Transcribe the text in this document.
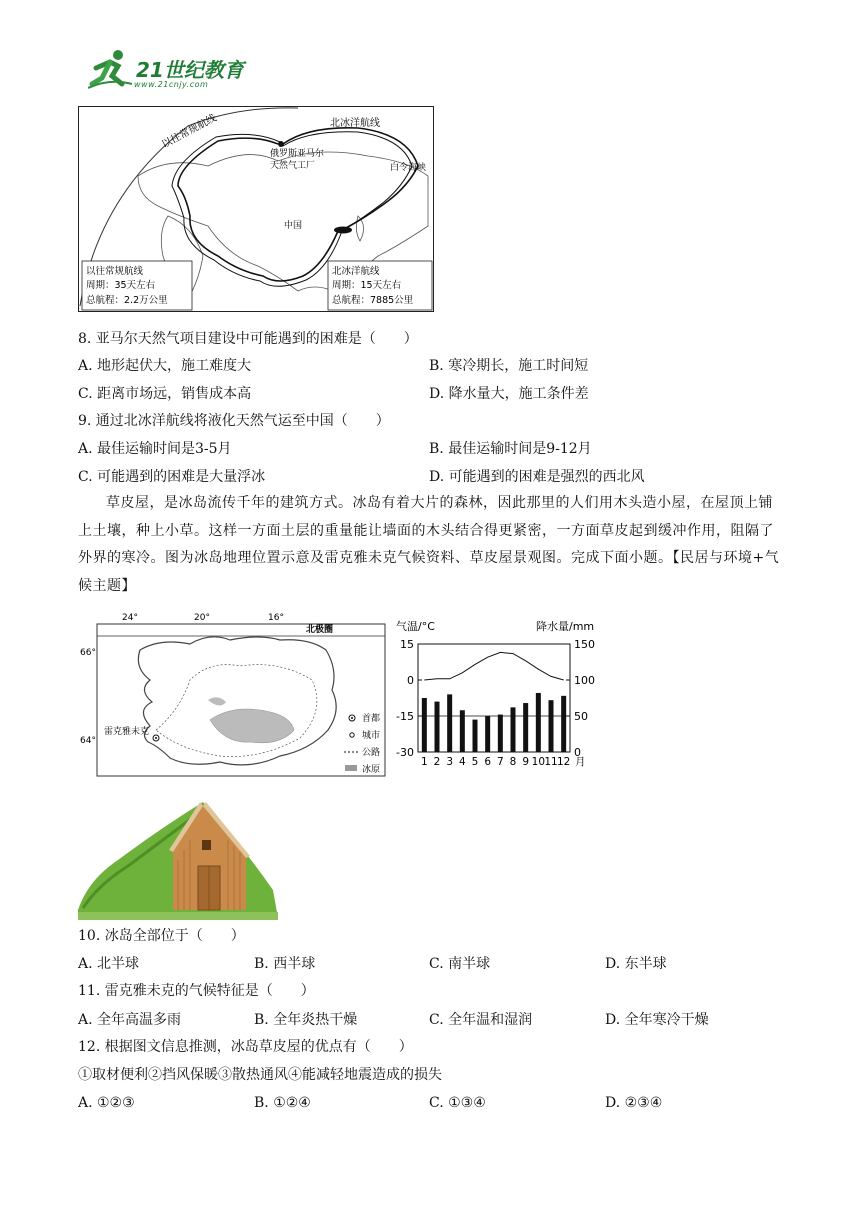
21世纪教育
www.21cnjy.com
以往常规航线	北冰洋航线
俄罗斯亚马尔
天然气工厂	白令海峡
中国
以往常规航线
周期：35天左右
总航程：2.2万公里
北冰洋航线
周期：15天左右
总航程：7885公里
8. 亚马尔天然气项目建设中可能遇到的困难是（　　）
A. 地形起伏大，施工难度大	B. 寒冷期长，施工时间短
C. 距离市场远，销售成本高	D. 降水量大，施工条件差
9. 通过北冰洋航线将液化天然气运至中国（　　）
A. 最佳运输时间是3-5月	B. 最佳运输时间是9-12月
C. 可能遇到的困难是大量浮冰	D. 可能遇到的困难是强烈的西北风
草皮屋，是冰岛流传千年的建筑方式。冰岛有着大片的森林，因此那里的人们用木头造小屋，在屋顶上铺上土壤，种上小草。这样一方面土层的重量能让墙面的木头结合得更紧密，一方面草皮起到缓冲作用，阻隔了外界的寒冷。图为冰岛地理位置示意及雷克雅未克气候资料、草皮屋景观图。完成下面小题。【民居与环境+气候主题】
24°	20°	16°
66°
64°
北极圈
雷克雅未克
首都
城市
公路
冰原
气温/°C	降水量/mm
15
0
-15
-30
150
100
50
0
1 2 3 4 5 6 7 8 9 10 11 12 月
10. 冰岛全部位于（　　）
A. 北半球	B. 西半球	C. 南半球	D. 东半球
11. 雷克雅未克的气候特征是（　　）
A. 全年高温多雨	B. 全年炎热干燥	C. 全年温和湿润	D. 全年寒冷干燥
12. 根据图文信息推测，冰岛草皮屋的优点有（　　）
①取材便利②挡风保暖③散热通风④能减轻地震造成的损失
A. ①②③	B. ①②④	C. ①③④	D. ②③④
